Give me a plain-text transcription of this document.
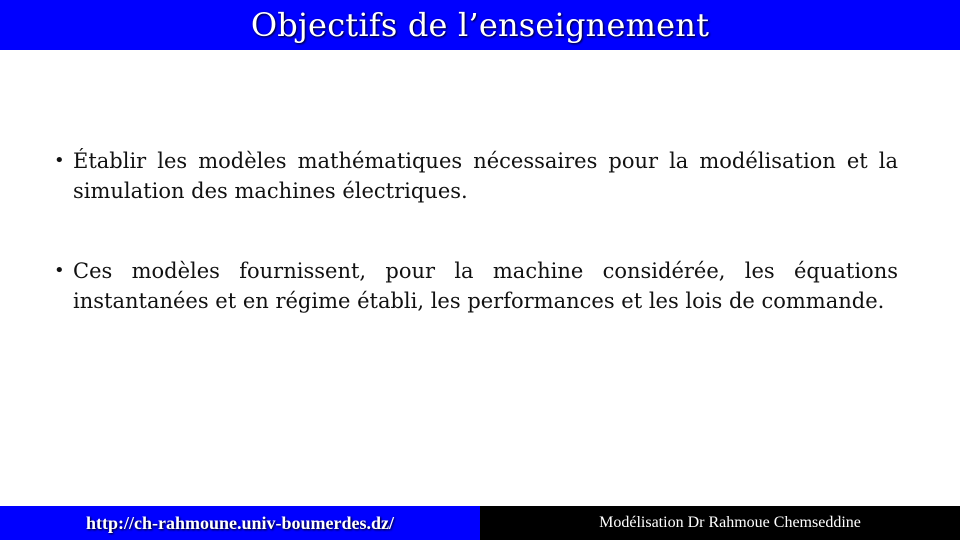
Objectifs de l’enseignement
• Établir les modèles mathématiques nécessaires pour la modélisation et la simulation des machines électriques.
• Ces modèles fournissent, pour la machine considérée, les équations instantanées et en régime établi, les performances et les lois de commande.
http://ch-rahmoune.univ-boumerdes.dz/	Modélisation Dr Rahmoue Chemseddine
